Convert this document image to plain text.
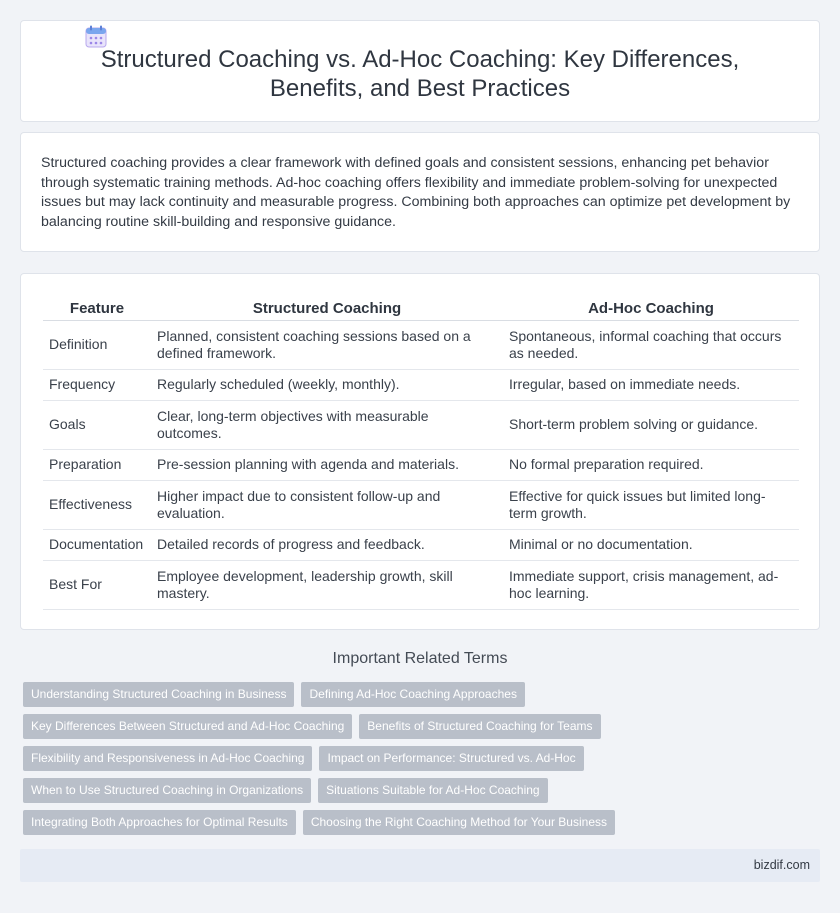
Structured Coaching vs. Ad-Hoc Coaching: Key Differences, Benefits, and Best Practices

Structured coaching provides a clear framework with defined goals and consistent sessions, enhancing pet behavior through systematic training methods. Ad-hoc coaching offers flexibility and immediate problem-solving for unexpected issues but may lack continuity and measurable progress. Combining both approaches can optimize pet development by balancing routine skill-building and responsive guidance.

Feature	Structured Coaching	Ad-Hoc Coaching
Definition	Planned, consistent coaching sessions based on a defined framework.	Spontaneous, informal coaching that occurs as needed.
Frequency	Regularly scheduled (weekly, monthly).	Irregular, based on immediate needs.
Goals	Clear, long-term objectives with measurable outcomes.	Short-term problem solving or guidance.
Preparation	Pre-session planning with agenda and materials.	No formal preparation required.
Effectiveness	Higher impact due to consistent follow-up and evaluation.	Effective for quick issues but limited long-term growth.
Documentation	Detailed records of progress and feedback.	Minimal or no documentation.
Best For	Employee development, leadership growth, skill mastery.	Immediate support, crisis management, ad-hoc learning.
Important Related Terms
Understanding Structured Coaching in Business	Defining Ad-Hoc Coaching Approaches
Key Differences Between Structured and Ad-Hoc Coaching	Benefits of Structured Coaching for Teams
Flexibility and Responsiveness in Ad-Hoc Coaching	Impact on Performance: Structured vs. Ad-Hoc
When to Use Structured Coaching in Organizations	Situations Suitable for Ad-Hoc Coaching
Integrating Both Approaches for Optimal Results	Choosing the Right Coaching Method for Your Business
bizdif.com
